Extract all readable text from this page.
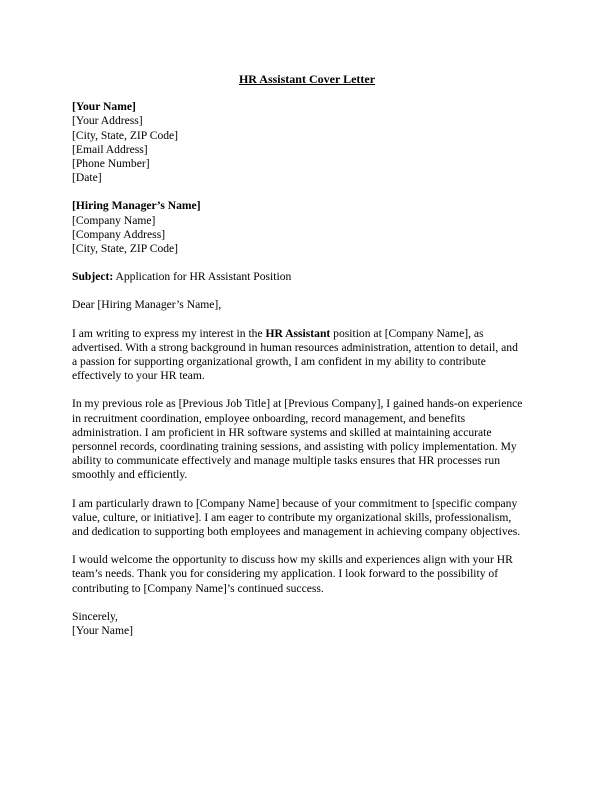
HR Assistant Cover Letter
[Your Name]
[Your Address]
[City, State, ZIP Code]
[Email Address]
[Phone Number]
[Date]
[Hiring Manager’s Name]
[Company Name]
[Company Address]
[City, State, ZIP Code]

Subject: Application for HR Assistant Position

Dear [Hiring Manager’s Name],

I am writing to express my interest in the HR Assistant position at [Company Name], as
advertised. With a strong background in human resources administration, attention to detail, and
a passion for supporting organizational growth, I am confident in my ability to contribute
effectively to your HR team.

In my previous role as [Previous Job Title] at [Previous Company], I gained hands-on experience
in recruitment coordination, employee onboarding, record management, and benefits
administration. I am proficient in HR software systems and skilled at maintaining accurate
personnel records, coordinating training sessions, and assisting with policy implementation. My
ability to communicate effectively and manage multiple tasks ensures that HR processes run
smoothly and efficiently.

I am particularly drawn to [Company Name] because of your commitment to [specific company
value, culture, or initiative]. I am eager to contribute my organizational skills, professionalism,
and dedication to supporting both employees and management in achieving company objectives.

I would welcome the opportunity to discuss how my skills and experiences align with your HR
team’s needs. Thank you for considering my application. I look forward to the possibility of
contributing to [Company Name]’s continued success.

Sincerely,
[Your Name]
